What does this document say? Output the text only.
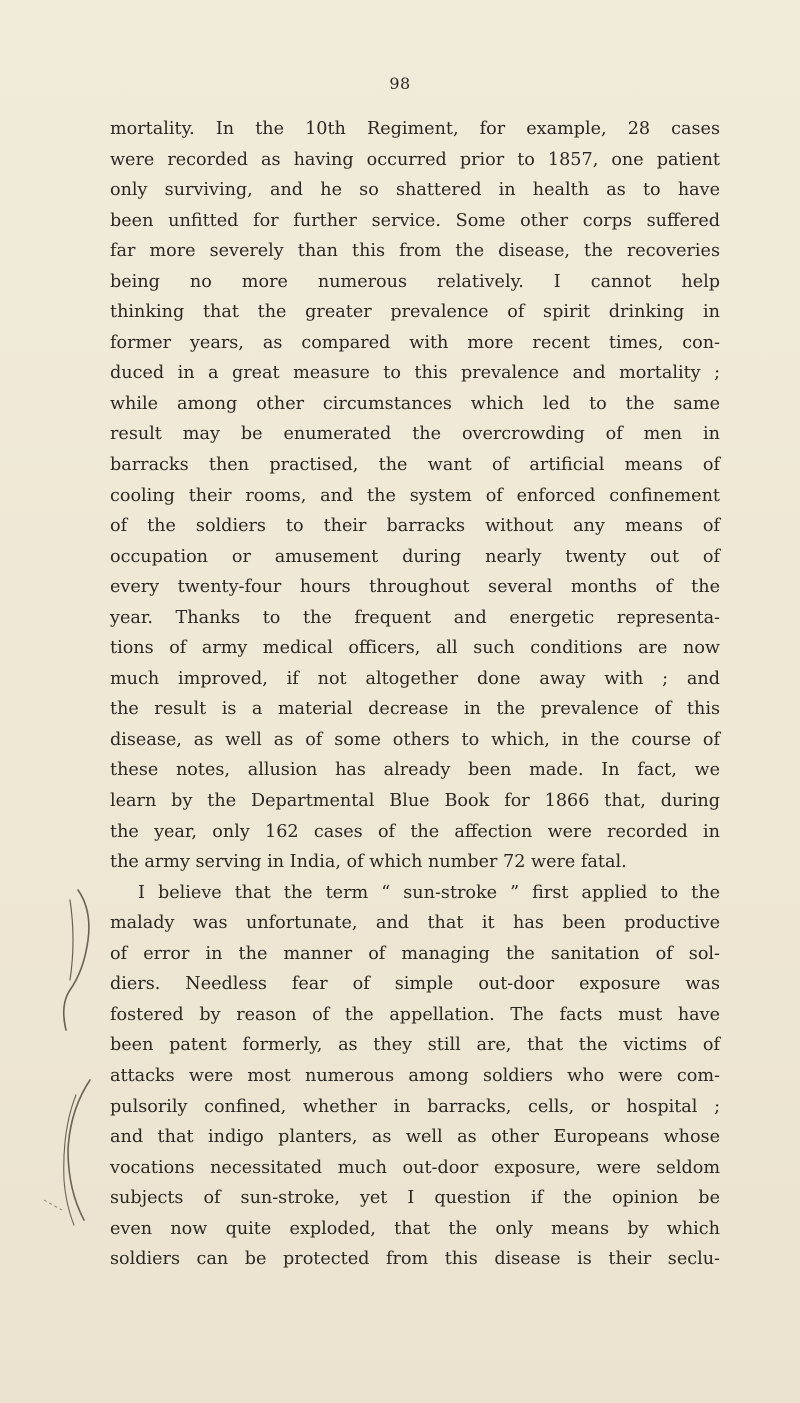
98
mortality. In the 10th Regiment, for example, 28 cases
were recorded as having occurred prior to 1857, one patient
only surviving, and he so shattered in health as to have
been unfitted for further service. Some other corps suffered
far more severely than this from the disease, the recoveries
being no more numerous relatively. I cannot help
thinking that the greater prevalence of spirit drinking in
former years, as compared with more recent times, con-
duced in a great measure to this prevalence and mortality ;
while among other circumstances which led to the same
result may be enumerated the overcrowding of men in
barracks then practised, the want of artificial means of
cooling their rooms, and the system of enforced confinement
of the soldiers to their barracks without any means of
occupation or amusement during nearly twenty out of
every twenty-four hours throughout several months of the
year. Thanks to the frequent and energetic representa-
tions of army medical officers, all such conditions are now
much improved, if not altogether done away with ; and
the result is a material decrease in the prevalence of this
disease, as well as of some others to which, in the course of
these notes, allusion has already been made. In fact, we
learn by the Departmental Blue Book for 1866 that, during
the year, only 162 cases of the affection were recorded in
the army serving in India, of which number 72 were fatal.
I believe that the term “ sun-stroke ” first applied to the
malady was unfortunate, and that it has been productive
of error in the manner of managing the sanitation of sol-
diers. Needless fear of simple out-door exposure was
fostered by reason of the appellation. The facts must have
been patent formerly, as they still are, that the victims of
attacks were most numerous among soldiers who were com-
pulsorily confined, whether in barracks, cells, or hospital ;
and that indigo planters, as well as other Europeans whose
vocations necessitated much out-door exposure, were seldom
subjects of sun-stroke, yet I question if the opinion be
even now quite exploded, that the only means by which
soldiers can be protected from this disease is their seclu-
